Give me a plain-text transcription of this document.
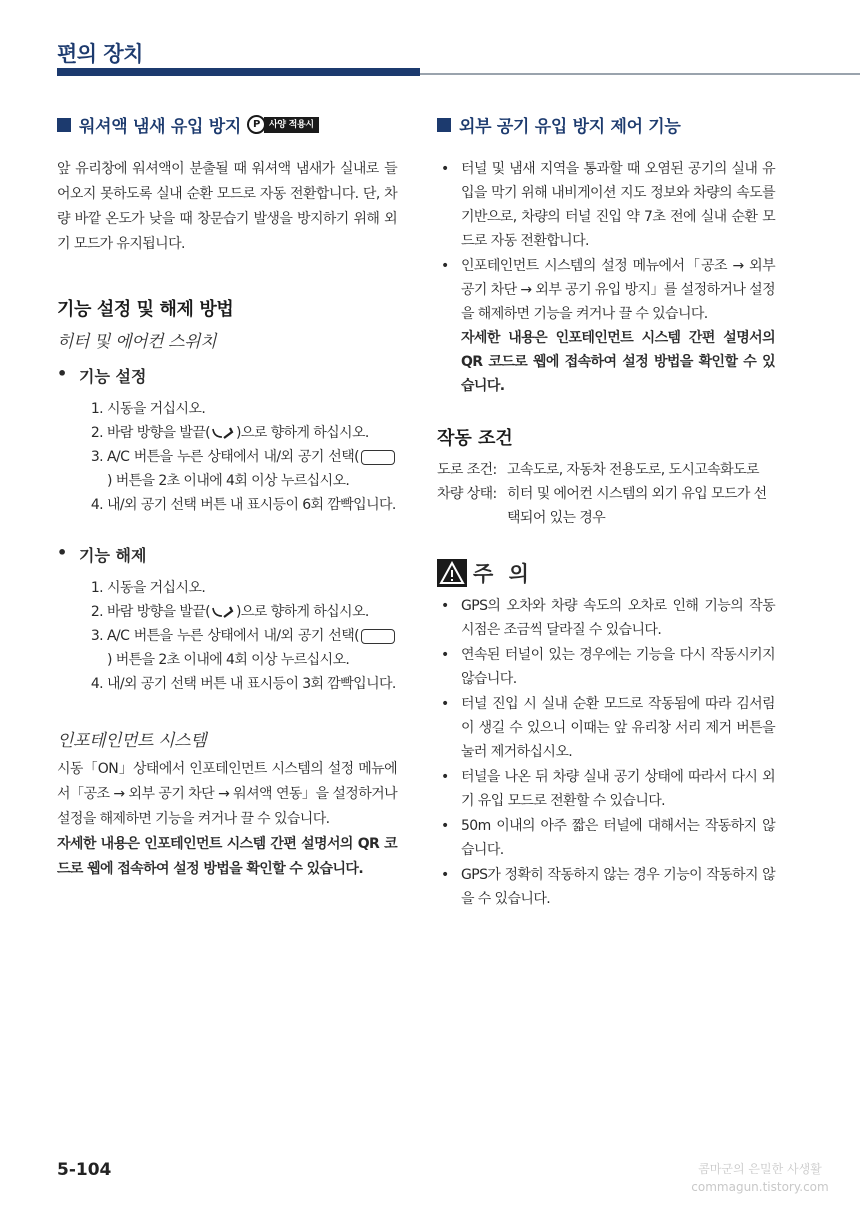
편의 장치
워셔액 냄새 유입 방지	P 사양 적용시

앞 유리창에 워셔액이 분출될 때 워셔액 냄새가 실내로 들어오지 못하도록 실내 순환 모드로 자동 전환합니다. 단, 차량 바깥 온도가 낮을 때 창문습기 발생을 방지하기 위해 외기 모드가 유지됩니다.

기능 설정 및 해제 방법
히터 및 에어컨 스위치
• 기능 설정
1. 시동을 거십시오.
2. 바람 방향을 발끝( )으로 향하게 하십시오.
3. A/C 버튼을 누른 상태에서 내/외 공기 선택() 버튼을 2초 이내에 4회 이상 누르십시오.
4. 내/외 공기 선택 버튼 내 표시등이 6회 깜빡입니다.
• 기능 해제
1. 시동을 거십시오.
2. 바람 방향을 발끝( )으로 향하게 하십시오.
3. A/C 버튼을 누른 상태에서 내/외 공기 선택() 버튼을 2초 이내에 4회 이상 누르십시오.
4. 내/외 공기 선택 버튼 내 표시등이 3회 깜빡입니다.
인포테인먼트 시스템

시동「ON」상태에서 인포테인먼트 시스템의 설정 메뉴에서「공조 → 외부 공기 차단 → 워셔액 연동」을 설정하거나 설정을 해제하면 기능을 켜거나 끌 수 있습니다.

자세한 내용은 인포테인먼트 시스템 간편 설명서의 QR 코드로 웹에 접속하여 설정 방법을 확인할 수 있습니다.

외부 공기 유입 방지 제어 기능
• 터널 및 냄새 지역을 통과할 때 오염된 공기의 실내 유입을 막기 위해 내비게이션 지도 정보와 차량의 속도를 기반으로, 차량의 터널 진입 약 7초 전에 실내 순환 모드로 자동 전환합니다.
• 인포테인먼트 시스템의 설정 메뉴에서「공조 → 외부 공기 차단 → 외부 공기 유입 방지」를 설정하거나 설정을 해제하면 기능을 켜거나 끌 수 있습니다.
자세한 내용은 인포테인먼트 시스템 간편 설명서의 QR 코드로 웹에 접속하여 설정 방법을 확인할 수 있습니다.
작동 조건
도로 조건: 고속도로, 자동차 전용도로, 도시고속화도로
차량 상태: 히터 및 에어컨 시스템의 외기 유입 모드가 선택되어 있는 경우
주 의
• GPS의 오차와 차량 속도의 오차로 인해 기능의 작동 시점은 조금씩 달라질 수 있습니다.
• 연속된 터널이 있는 경우에는 기능을 다시 작동시키지 않습니다.
• 터널 진입 시 실내 순환 모드로 작동됨에 따라 김서림이 생길 수 있으니 이때는 앞 유리창 서리 제거 버튼을 눌러 제거하십시오.
• 터널을 나온 뒤 차량 실내 공기 상태에 따라서 다시 외기 유입 모드로 전환할 수 있습니다.
• 50m 이내의 아주 짧은 터널에 대해서는 작동하지 않습니다.
• GPS가 정확히 작동하지 않는 경우 기능이 작동하지 않을 수 있습니다.
5-104	콤마군의 은밀한 사생활
commagun.tistory.com
